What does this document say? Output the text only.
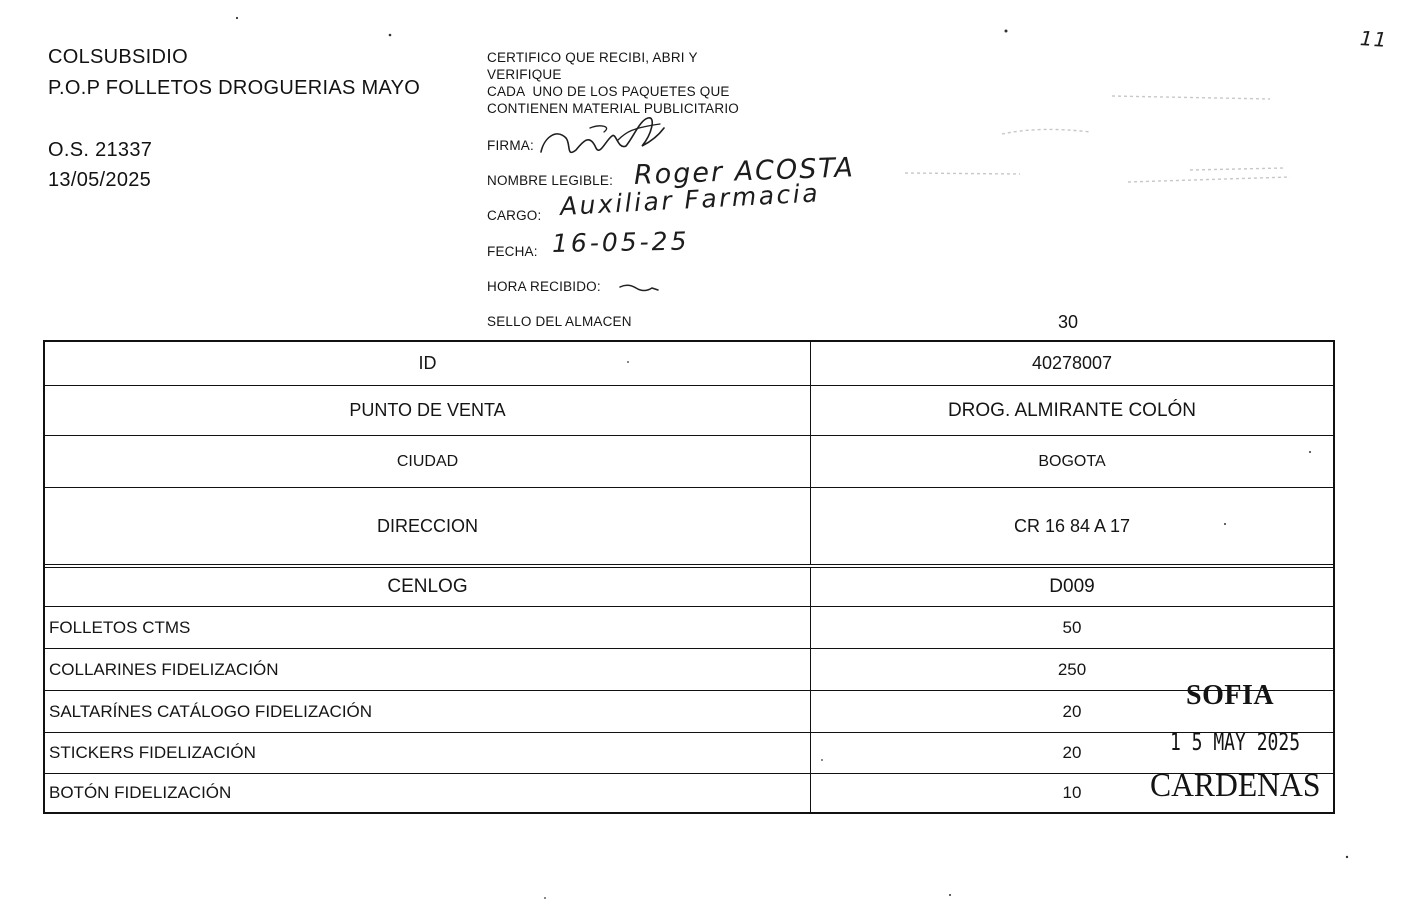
COLSUBSIDIO
P.O.P FOLLETOS DROGUERIAS MAYO
O.S. 21337
13/05/2025
11
CERTIFICO QUE RECIBI, ABRI Y
VERIFIQUE
CADA  UNO DE LOS PAQUETES QUE
CONTIENEN MATERIAL PUBLICITARIO
FIRMA:
NOMBRE LEGIBLE:
CARGO:
FECHA:
HORA RECIBIDO:
SELLO DEL ALMACEN	30
Roger ACOSTA
Auxiliar Farmacia
16-05-25
ID	40278007
PUNTO DE VENTA	DROG. ALMIRANTE COLÓN
CIUDAD	BOGOTA
DIRECCION	CR 16 84 A 17
CENLOG	D009
FOLLETOS CTMS	50
COLLARINES FIDELIZACIÓN	250
SALTARÍNES CATÁLOGO FIDELIZACIÓN	20
STICKERS FIDELIZACIÓN	20
BOTÓN FIDELIZACIÓN	10
SOFIA
1 5 MAY 2025
CARDENAS
